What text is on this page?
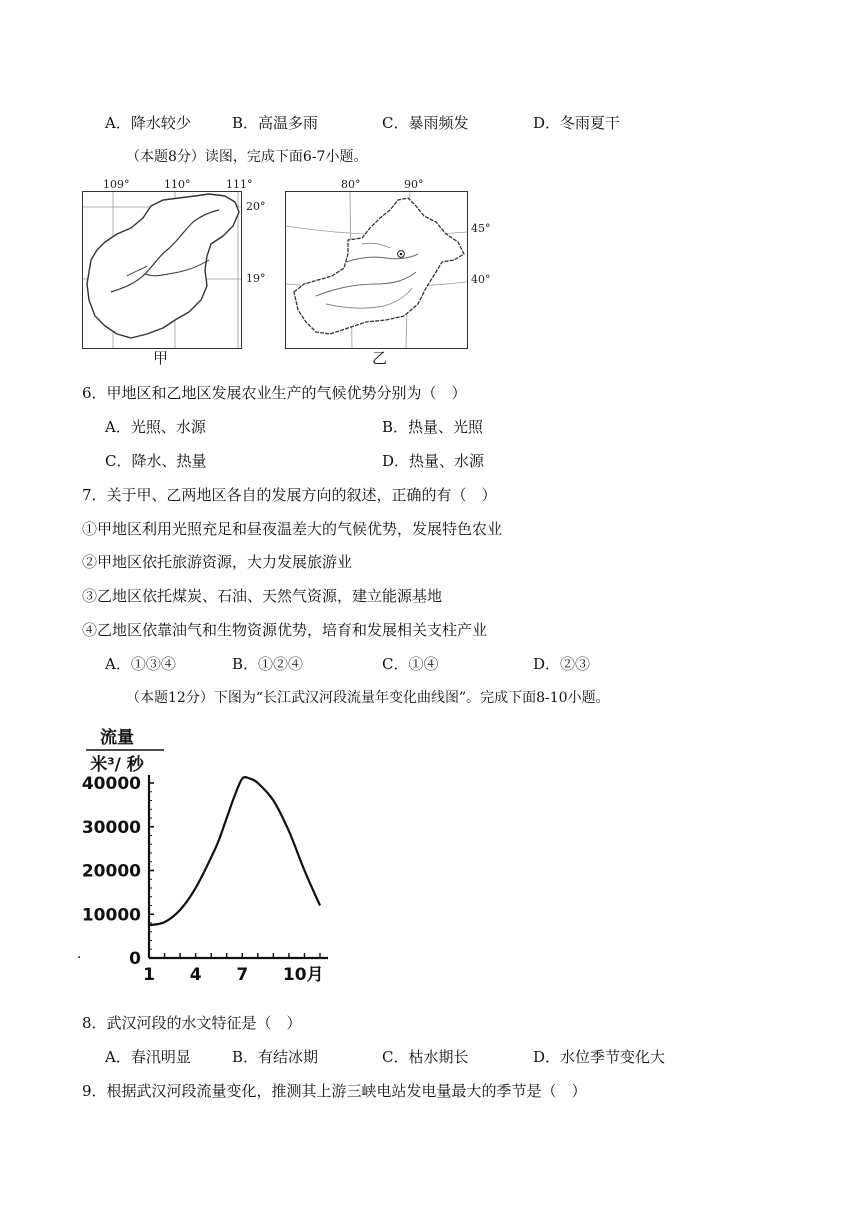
A．降水较少	B．高温多雨	C．暴雨频发	D．冬雨夏干
（本题8分）读图，完成下面6-7小题。
109°	110°	111°
甲
20°
19°
80°	90°
乙
45°
40°
6．甲地区和乙地区发展农业生产的气候优势分别为（　）
A．光照、水源	B．热量、光照
C．降水、热量	D．热量、水源
7．关于甲、乙两地区各自的发展方向的叙述，正确的有（　）
①甲地区利用光照充足和昼夜温差大的气候优势，发展特色农业
②甲地区依托旅游资源，大力发展旅游业
③乙地区依托煤炭、石油、天然气资源，建立能源基地
④乙地区依靠油气和生物资源优势，培育和发展相关支柱产业
A．①③④	B．①②④	C．①④	D．②③
（本题12分）下图为“长江武汉河段流量年变化曲线图”。完成下面8-10小题。
流量
米³/ 秒
0
10000
20000
30000
40000
1 4 7 10月
·
8．武汉河段的水文特征是（　）
A．春汛明显	B．有结冰期	C．枯水期长	D．水位季节变化大
9．根据武汉河段流量变化，推测其上游三峡电站发电量最大的季节是（　）
